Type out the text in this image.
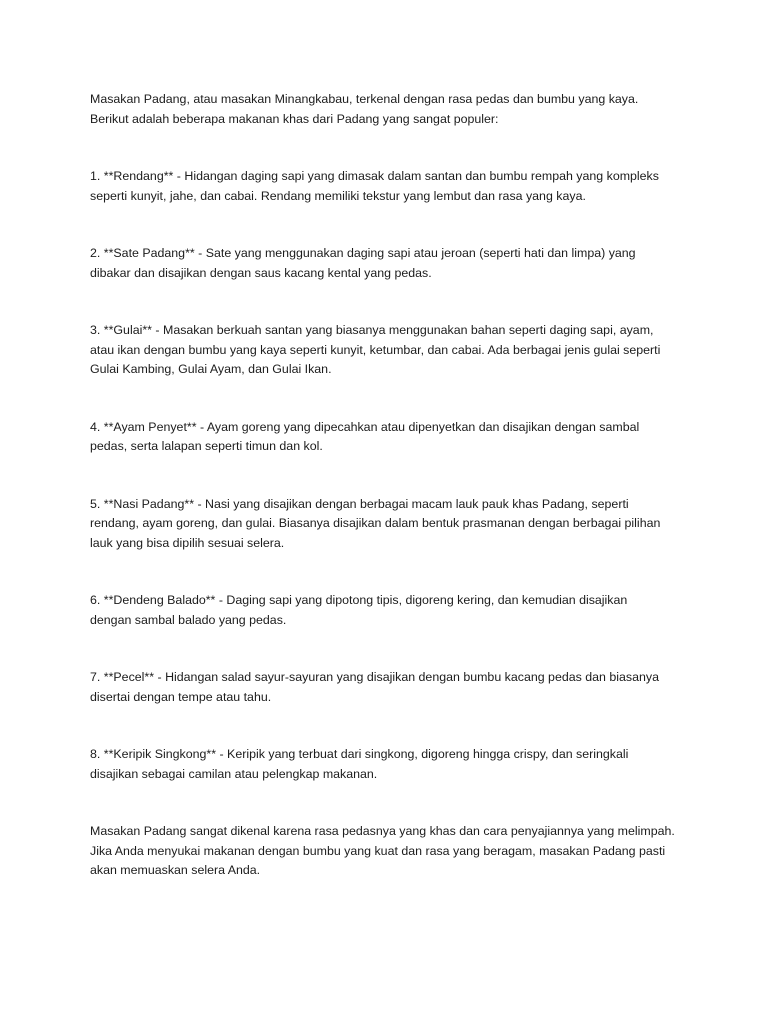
Masakan Padang, atau masakan Minangkabau, terkenal dengan rasa pedas dan bumbu yang kaya.
Berikut adalah beberapa makanan khas dari Padang yang sangat populer:

1. **Rendang** - Hidangan daging sapi yang dimasak dalam santan dan bumbu rempah yang kompleks
seperti kunyit, jahe, dan cabai. Rendang memiliki tekstur yang lembut dan rasa yang kaya.

2. **Sate Padang** - Sate yang menggunakan daging sapi atau jeroan (seperti hati dan limpa) yang
dibakar dan disajikan dengan saus kacang kental yang pedas.

3. **Gulai** - Masakan berkuah santan yang biasanya menggunakan bahan seperti daging sapi, ayam,
atau ikan dengan bumbu yang kaya seperti kunyit, ketumbar, dan cabai. Ada berbagai jenis gulai seperti
Gulai Kambing, Gulai Ayam, dan Gulai Ikan.

4. **Ayam Penyet** - Ayam goreng yang dipecahkan atau dipenyetkan dan disajikan dengan sambal
pedas, serta lalapan seperti timun dan kol.

5. **Nasi Padang** - Nasi yang disajikan dengan berbagai macam lauk pauk khas Padang, seperti
rendang, ayam goreng, dan gulai. Biasanya disajikan dalam bentuk prasmanan dengan berbagai pilihan
lauk yang bisa dipilih sesuai selera.

6. **Dendeng Balado** - Daging sapi yang dipotong tipis, digoreng kering, dan kemudian disajikan
dengan sambal balado yang pedas.

7. **Pecel** - Hidangan salad sayur-sayuran yang disajikan dengan bumbu kacang pedas dan biasanya
disertai dengan tempe atau tahu.

8. **Keripik Singkong** - Keripik yang terbuat dari singkong, digoreng hingga crispy, dan seringkali
disajikan sebagai camilan atau pelengkap makanan.

Masakan Padang sangat dikenal karena rasa pedasnya yang khas dan cara penyajiannya yang melimpah.
Jika Anda menyukai makanan dengan bumbu yang kuat dan rasa yang beragam, masakan Padang pasti
akan memuaskan selera Anda.
